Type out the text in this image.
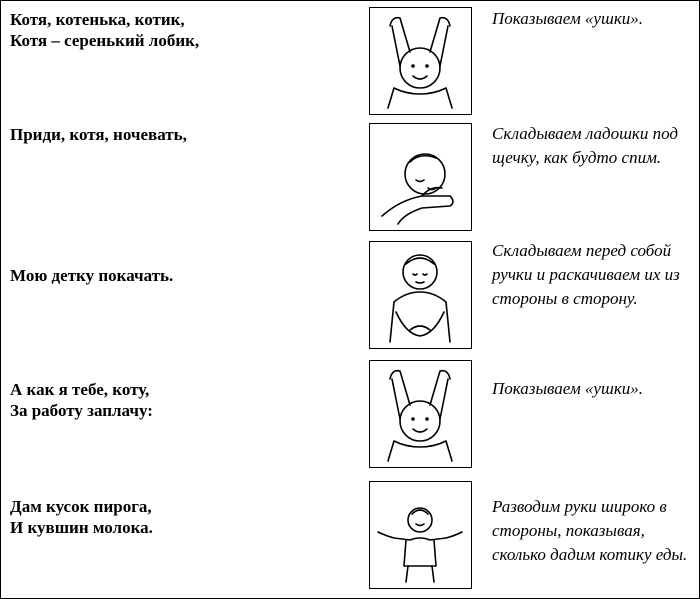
Котя, котенька, котик,
Котя – серенький лобик,
Показываем «ушки».
Приди, котя, ночевать,	Складываем ладошки под щечку, как будто спим.
Мою детку покачать.
Складываем перед собой ручки и раскачиваем их из стороны в сторону.
А как я тебе, коту,
За работу заплачу:
Показываем «ушки».
Дам кусок пирога,
И кувшин молока.
Разводим руки широко в стороны, показывая, сколько дадим котику еды.
